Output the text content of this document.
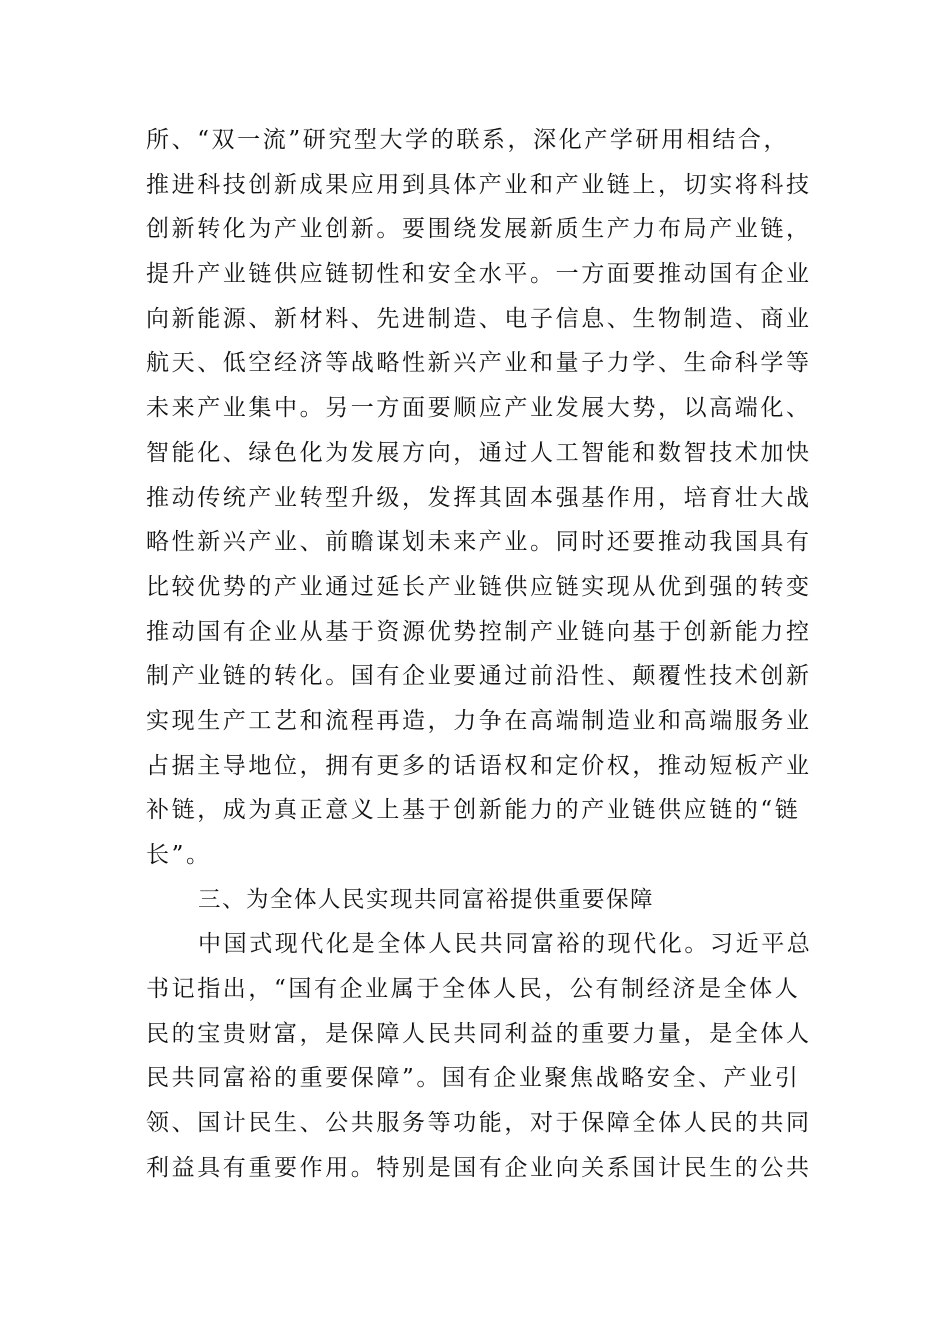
所、“双一流”研究型大学的联系，深化产学研用相结合，
推进科技创新成果应用到具体产业和产业链上，切实将科技
创新转化为产业创新。要围绕发展新质生产力布局产业链，
提升产业链供应链韧性和安全水平。一方面要推动国有企业
向新能源、新材料、先进制造、电子信息、生物制造、商业
航天、低空经济等战略性新兴产业和量子力学、生命科学等
未来产业集中。另一方面要顺应产业发展大势，以高端化、
智能化、绿色化为发展方向，通过人工智能和数智技术加快
推动传统产业转型升级，发挥其固本强基作用，培育壮大战
略性新兴产业、前瞻谋划未来产业。同时还要推动我国具有
比较优势的产业通过延长产业链供应链实现从优到强的转变
推动国有企业从基于资源优势控制产业链向基于创新能力控
制产业链的转化。国有企业要通过前沿性、颠覆性技术创新
实现生产工艺和流程再造，力争在高端制造业和高端服务业
占据主导地位，拥有更多的话语权和定价权，推动短板产业
补链，成为真正意义上基于创新能力的产业链供应链的“链
长”。
三、为全体人民实现共同富裕提供重要保障
中国式现代化是全体人民共同富裕的现代化。习近平总
书记指出，“国有企业属于全体人民，公有制经济是全体人
民的宝贵财富，是保障人民共同利益的重要力量，是全体人
民共同富裕的重要保障”。国有企业聚焦战略安全、产业引
领、国计民生、公共服务等功能，对于保障全体人民的共同
利益具有重要作用。特别是国有企业向关系国计民生的公共
